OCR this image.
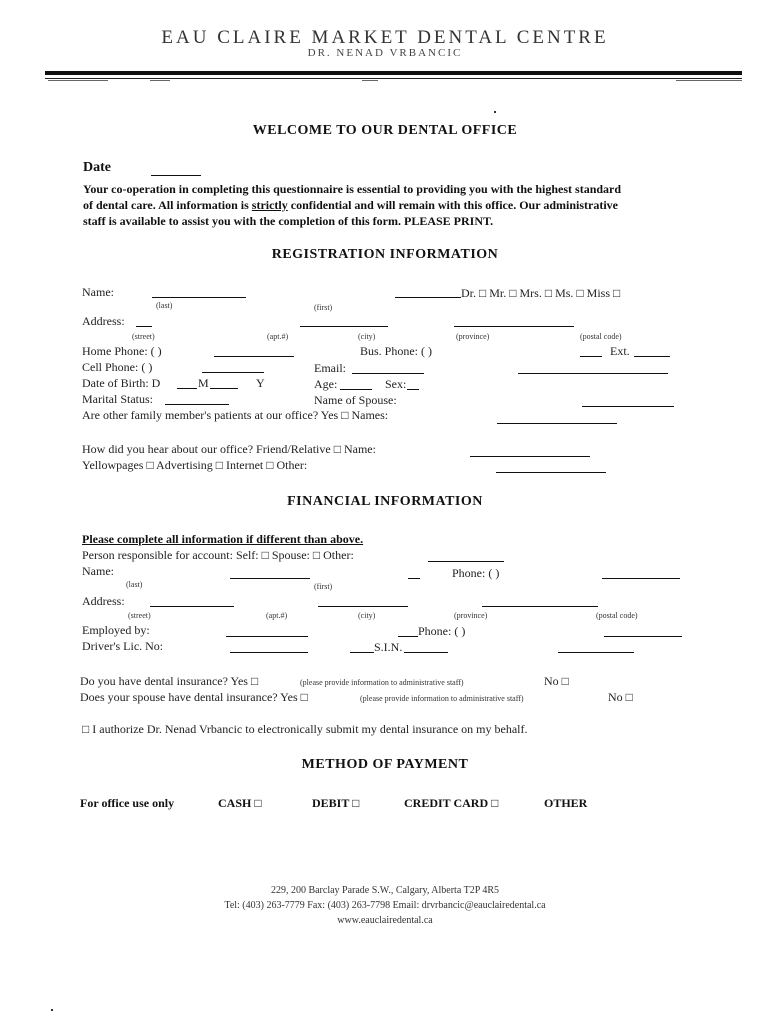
EAU CLAIRE MARKET DENTAL CENTRE
DR. NENAD VRBANCIC
WELCOME TO OUR DENTAL OFFICE
Date
Your co-operation in completing this questionnaire is essential to providing you with the highest standard
of dental care. All information is strictly confidential and will remain with this office. Our administrative
staff is available to assist you with the completion of this form. PLEASE PRINT.
REGISTRATION INFORMATION
Name:	Dr. □ Mr. □ Mrs. □ Ms. □ Miss □
(last)	(first)
Address:
(street)	(apt.#)	(city)	(province)	(postal code)
Home Phone: ( )	Bus. Phone: ( )	Ext.
Cell Phone: ( )	Email:
Date of Birth: D	M	Y	Age:	Sex:
Marital Status:	Name of Spouse:
Are other family member's patients at our office? Yes □ Names:
How did you hear about our office? Friend/Relative □ Name:
Yellowpages □ Advertising □ Internet □ Other:
FINANCIAL INFORMATION
Please complete all information if different than above.
Person responsible for account: Self: □ Spouse: □ Other:
Name:	Phone: ( )
(last)	(first)
Address:
(street)	(apt.#)	(city)	(province)	(postal code)
Employed by:	Phone: ( )
Driver's Lic. No:	S.I.N.
Do you have dental insurance? Yes □	(please provide information to administrative staff)	No □
Does your spouse have dental insurance? Yes □	(please provide information to administrative staff)	No □
□ I authorize Dr. Nenad Vrbancic to electronically submit my dental insurance on my behalf.
METHOD OF PAYMENT
For office use only	CASH □	DEBIT □	CREDIT CARD □	OTHER
229, 200 Barclay Parade S.W., Calgary, Alberta T2P 4R5
Tel: (403) 263-7779 Fax: (403) 263-7798 Email: drvrbancic@eauclairedental.ca
www.eauclairedental.ca
